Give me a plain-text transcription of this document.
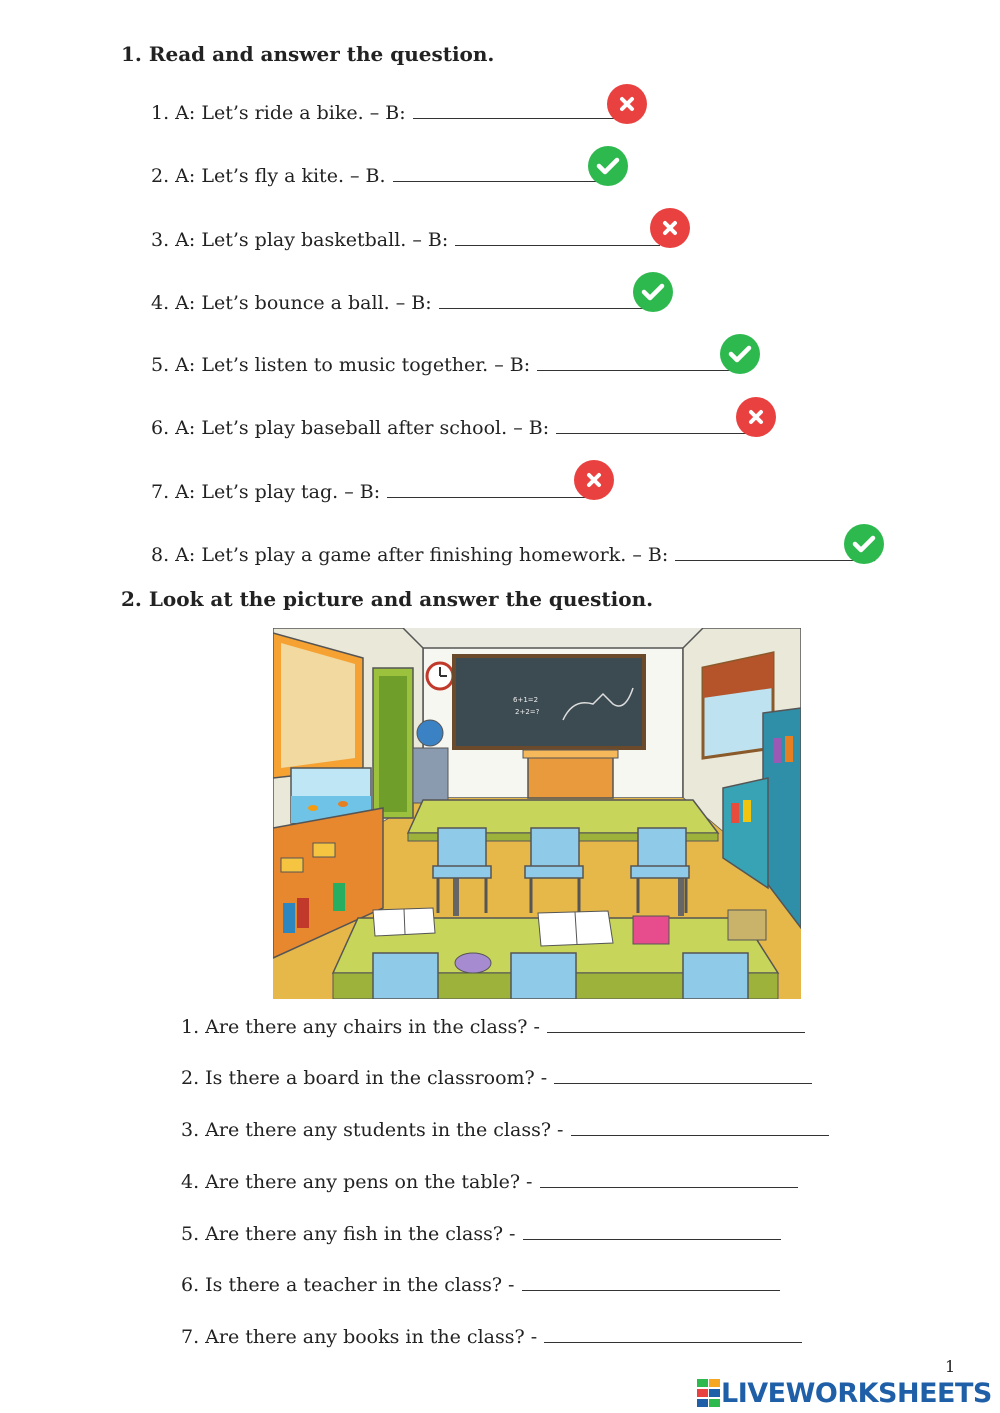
1. Read and answer the question.
1. A: Let’s ride a bike. – B:
2. A: Let’s fly a kite. – B.
3. A: Let’s play basketball. – B:
4. A: Let’s bounce a ball. – B:
5. A: Let’s listen to music together. – B:
6. A: Let’s play baseball after school. – B:
7. A: Let’s play tag. – B:
8. A: Let’s play a game after finishing homework. – B:
2. Look at the picture and answer the question.
6+1=2
2+2=?
1. Are there any chairs in the class? -
2. Is there a board in the classroom? -
3. Are there any students in the class? -
4. Are there any pens on the table? -
5. Are there any fish in the class? -
6. Is there a teacher in the class? -
7. Are there any books in the class? -
1
LIVEWORKSHEETS
